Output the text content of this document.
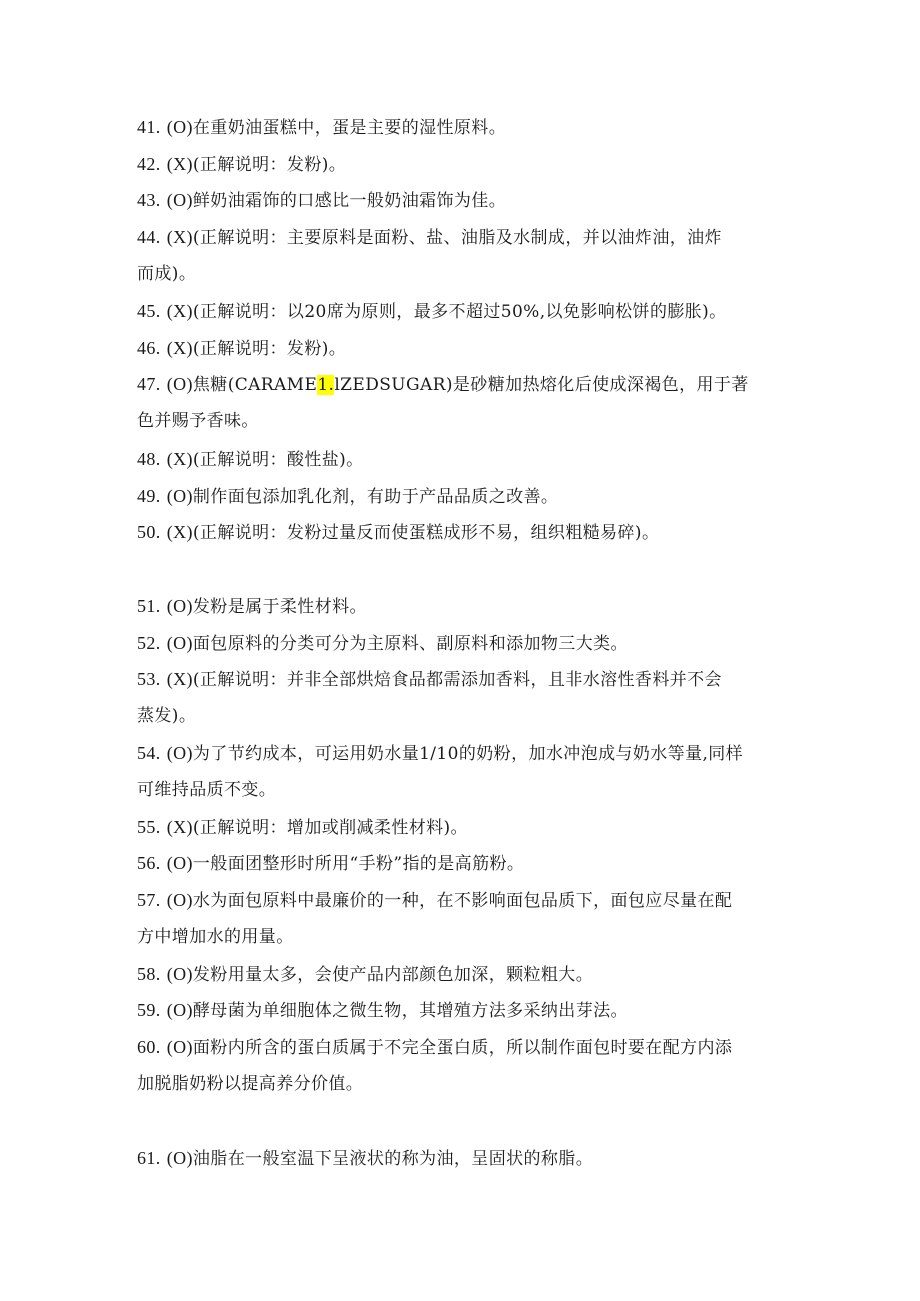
41. (O)在重奶油蛋糕中，蛋是主要的湿性原料。
42. (X)(正解说明：发粉)。
43. (O)鲜奶油霜饰的口感比一般奶油霜饰为佳。
44. (X)(正解说明：主要原料是面粉、盐、油脂及水制成，并以油炸油，油炸
而成)。
45. (X)(正解说明：以20席为原则，最多不超过50%,以免影响松饼的膨胀)。
46. (X)(正解说明：发粉)。
47. (O)焦糖(CARAME1.lZEDSUGAR)是砂糖加热熔化后使成深褐色，用于著
色并赐予香味。
48. (X)(正解说明：酸性盐)。
49. (O)制作面包添加乳化剂，有助于产品品质之改善。
50. (X)(正解说明：发粉过量反而使蛋糕成形不易，组织粗糙易碎)。
51. (O)发粉是属于柔性材料。
52. (O)面包原料的分类可分为主原料、副原料和添加物三大类。
53. (X)(正解说明：并非全部烘焙食品都需添加香料，且非水溶性香料并不会
蒸发)。
54. (O)为了节约成本，可运用奶水量1/10的奶粉，加水冲泡成与奶水等量,同样
可维持品质不变。
55. (X)(正解说明：增加或削减柔性材料)。
56. (O)一般面团整形时所用“手粉”指的是高筋粉。
57. (O)水为面包原料中最廉价的一种，在不影响面包品质下，面包应尽量在配
方中增加水的用量。
58. (O)发粉用量太多，会使产品内部颜色加深，颗粒粗大。
59. (O)酵母菌为单细胞体之微生物，其增殖方法多采纳出芽法。
60. (O)面粉内所含的蛋白质属于不完全蛋白质，所以制作面包时要在配方内添
加脱脂奶粉以提高养分价值。
61. (O)油脂在一般室温下呈液状的称为油，呈固状的称脂。
